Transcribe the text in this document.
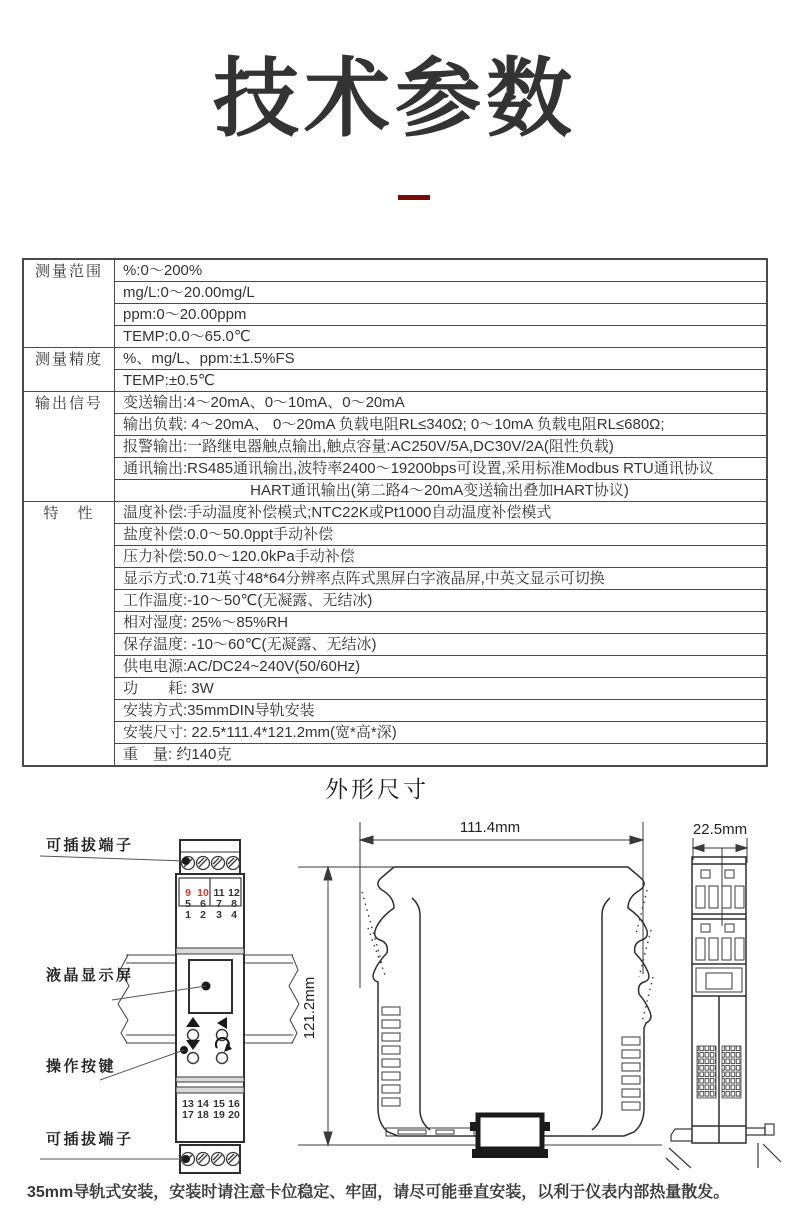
技术参数
测量范围	%:0～200%
	mg/L:0～20.00mg/L
	ppm:0～20.00ppm
	TEMP:0.0～65.0℃
测量精度	%、mg/L、ppm:±1.5%FS
	TEMP:±0.5℃
输出信号	变送输出:4～20mA、0～10mA、0～20mA
	输出负载: 4～20mA、 0～20mA 负载电阻RL≤340Ω; 0～10mA 负载电阻RL≤680Ω;
	报警输出:一路继电器触点输出,触点容量:AC250V/5A,DC30V/2A(阻性负载)
	通讯输出:RS485通讯输出,波特率2400～19200bps可设置,采用标准Modbus RTU通讯协议
	HART通讯输出(第二路4～20mA变送输出叠加HART协议)
特　性	温度补偿:手动温度补偿模式;NTC22K或Pt1000自动温度补偿模式
	盐度补偿:0.0～50.0ppt手动补偿
	压力补偿:50.0～120.0kPa手动补偿
	显示方式:0.71英寸48*64分辨率点阵式黑屏白字液晶屏,中英文显示可切换
	工作温度:-10～50℃(无凝露、无结冰)
	相对湿度: 25%～85%RH
	保存温度: -10～60℃(无凝露、无结冰)
	供电电源:AC/DC24~240V(50/60Hz)
	功　　耗: 3W
	安装方式:35mmDIN导轨安装
	安装尺寸: 22.5*111.4*121.2mm(宽*高*深)
	重　量: 约140克
外形尺寸
9 10 11 12
5 6 7 8
1 2 3 4
13 14 15 16
17 18 19 20
可插拔端子
液晶显示屏
操作按键
可插拔端子
111.4mm
121.2mm
22.5mm
35mm导轨式安装，安装时请注意卡位稳定、牢固，请尽可能垂直安装，以利于仪表内部热量散发。
